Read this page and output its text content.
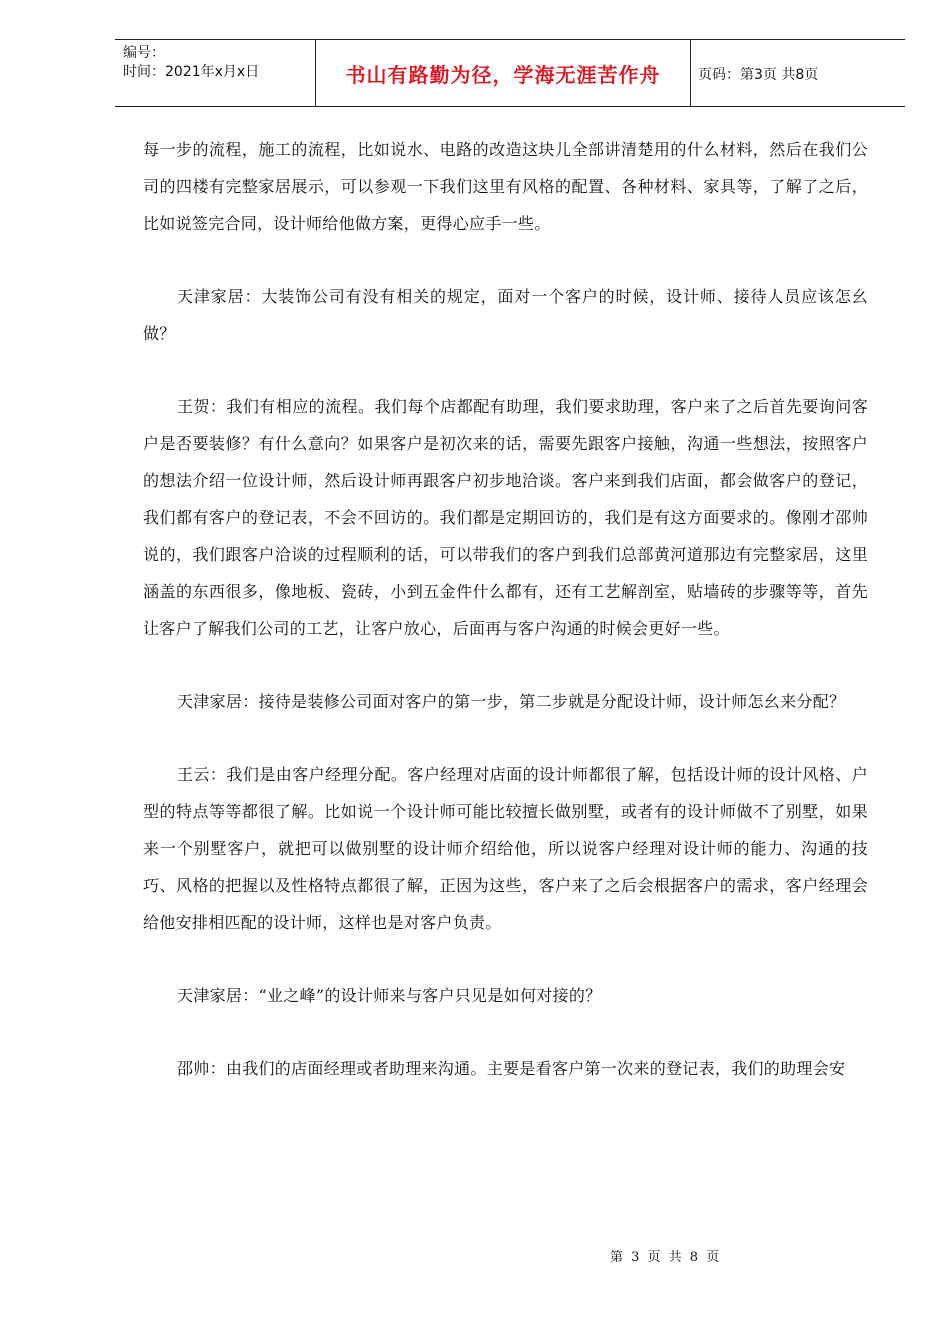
编号：
时间：2021年x月x日	书山有路勤为径，学海无涯苦作舟	页码：第3页 共8页

每一步的流程，施工的流程，比如说水、电路的改造这块儿全部讲清楚用的什么材料，然后在我们公司的四楼有完整家居展示，可以参观一下我们这里有风格的配置、各种材料、家具等，了解了之后，比如说签完合同，设计师给他做方案，更得心应手一些。

天津家居：大装饰公司有没有相关的规定，面对一个客户的时候，设计师、接待人员应该怎幺做？

王贺：我们有相应的流程。我们每个店都配有助理，我们要求助理，客户来了之后首先要询问客户是否要装修？有什么意向？如果客户是初次来的话，需要先跟客户接触，沟通一些想法，按照客户的想法介绍一位设计师，然后设计师再跟客户初步地洽谈。客户来到我们店面，都会做客户的登记，我们都有客户的登记表，不会不回访的。我们都是定期回访的，我们是有这方面要求的。像刚才邵帅说的，我们跟客户洽谈的过程顺利的话，可以带我们的客户到我们总部黄河道那边有完整家居，这里涵盖的东西很多，像地板、瓷砖，小到五金件什么都有，还有工艺解剖室，贴墙砖的步骤等等，首先让客户了解我们公司的工艺，让客户放心，后面再与客户沟通的时候会更好一些。

天津家居：接待是装修公司面对客户的第一步，第二步就是分配设计师，设计师怎幺来分配？

王云：我们是由客户经理分配。客户经理对店面的设计师都很了解，包括设计师的设计风格、户型的特点等等都很了解。比如说一个设计师可能比较擅长做别墅，或者有的设计师做不了别墅，如果来一个别墅客户，就把可以做别墅的设计师介绍给他，所以说客户经理对设计师的能力、沟通的技巧、风格的把握以及性格特点都很了解，正因为这些，客户来了之后会根据客户的需求，客户经理会给他安排相匹配的设计师，这样也是对客户负责。

天津家居：“业之峰”的设计师来与客户只见是如何对接的？

邵帅：由我们的店面经理或者助理来沟通。主要是看客户第一次来的登记表，我们的助理会安

第 3 页 共 8 页
